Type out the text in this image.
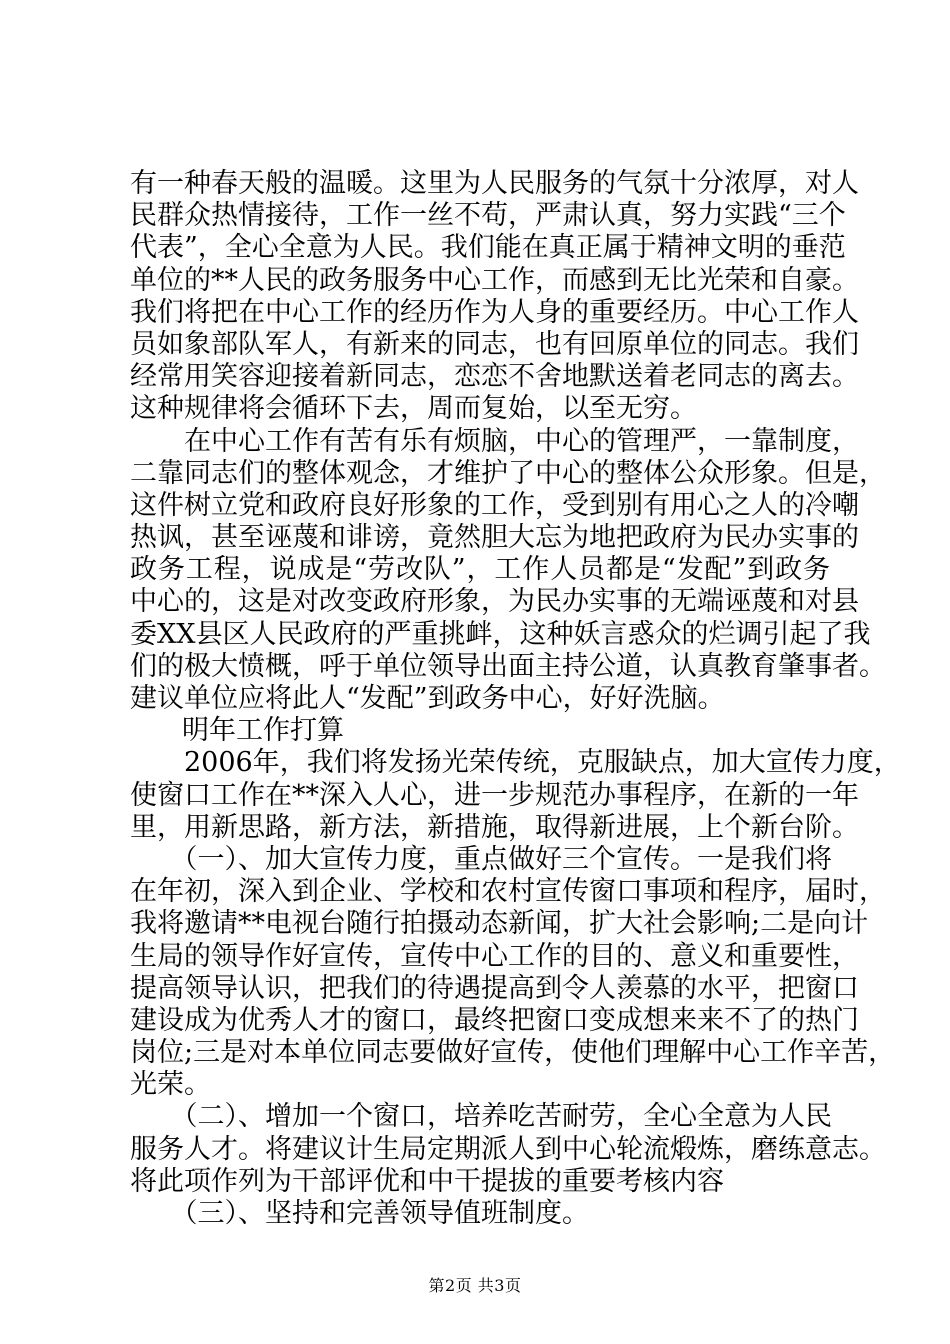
有一种春天般的温暖。这里为人民服务的气氛十分浓厚，对人
民群众热情接待，工作一丝不苟，严肃认真，努力实践“三个
代表”，全心全意为人民。我们能在真正属于精神文明的垂范
单位的**人民的政务服务中心工作，而感到无比光荣和自豪。
我们将把在中心工作的经历作为人身的重要经历。中心工作人
员如象部队军人，有新来的同志，也有回原单位的同志。我们
经常用笑容迎接着新同志，恋恋不舍地默送着老同志的离去。
这种规律将会循环下去，周而复始，以至无穷。
　　在中心工作有苦有乐有烦脑，中心的管理严，一靠制度，
二靠同志们的整体观念，才维护了中心的整体公众形象。但是，
这件树立党和政府良好形象的工作，受到别有用心之人的冷嘲
热讽，甚至诬蔑和诽谤，竟然胆大忘为地把政府为民办实事的
政务工程，说成是“劳改队”，工作人员都是“发配”到政务
中心的，这是对改变政府形象，为民办实事的无端诬蔑和对县
委XX县区人民政府的严重挑衅，这种妖言惑众的烂调引起了我
们的极大愤概，呼于单位领导出面主持公道，认真教育肇事者。
建议单位应将此人“发配”到政务中心，好好洗脑。
明年工作打算
　　2006年，我们将发扬光荣传统，克服缺点，加大宣传力度，
使窗口工作在**深入人心，进一步规范办事程序，在新的一年
里，用新思路，新方法，新措施，取得新进展，上个新台阶。
　　（一）、加大宣传力度，重点做好三个宣传。一是我们将
在年初，深入到企业、学校和农村宣传窗口事项和程序，届时，
我将邀请**电视台随行拍摄动态新闻，扩大社会影响;二是向计
生局的领导作好宣传，宣传中心工作的目的、意义和重要性，
提高领导认识，把我们的待遇提高到令人羡慕的水平，把窗口
建设成为优秀人才的窗口，最终把窗口变成想来来不了的热门
岗位;三是对本单位同志要做好宣传，使他们理解中心工作辛苦，
光荣。
　　（二）、增加一个窗口，培养吃苦耐劳，全心全意为人民
服务人才。将建议计生局定期派人到中心轮流煅炼，磨练意志。
将此项作列为干部评优和中干提拔的重要考核内容
　　（三）、坚持和完善领导值班制度。
第2页 共3页
